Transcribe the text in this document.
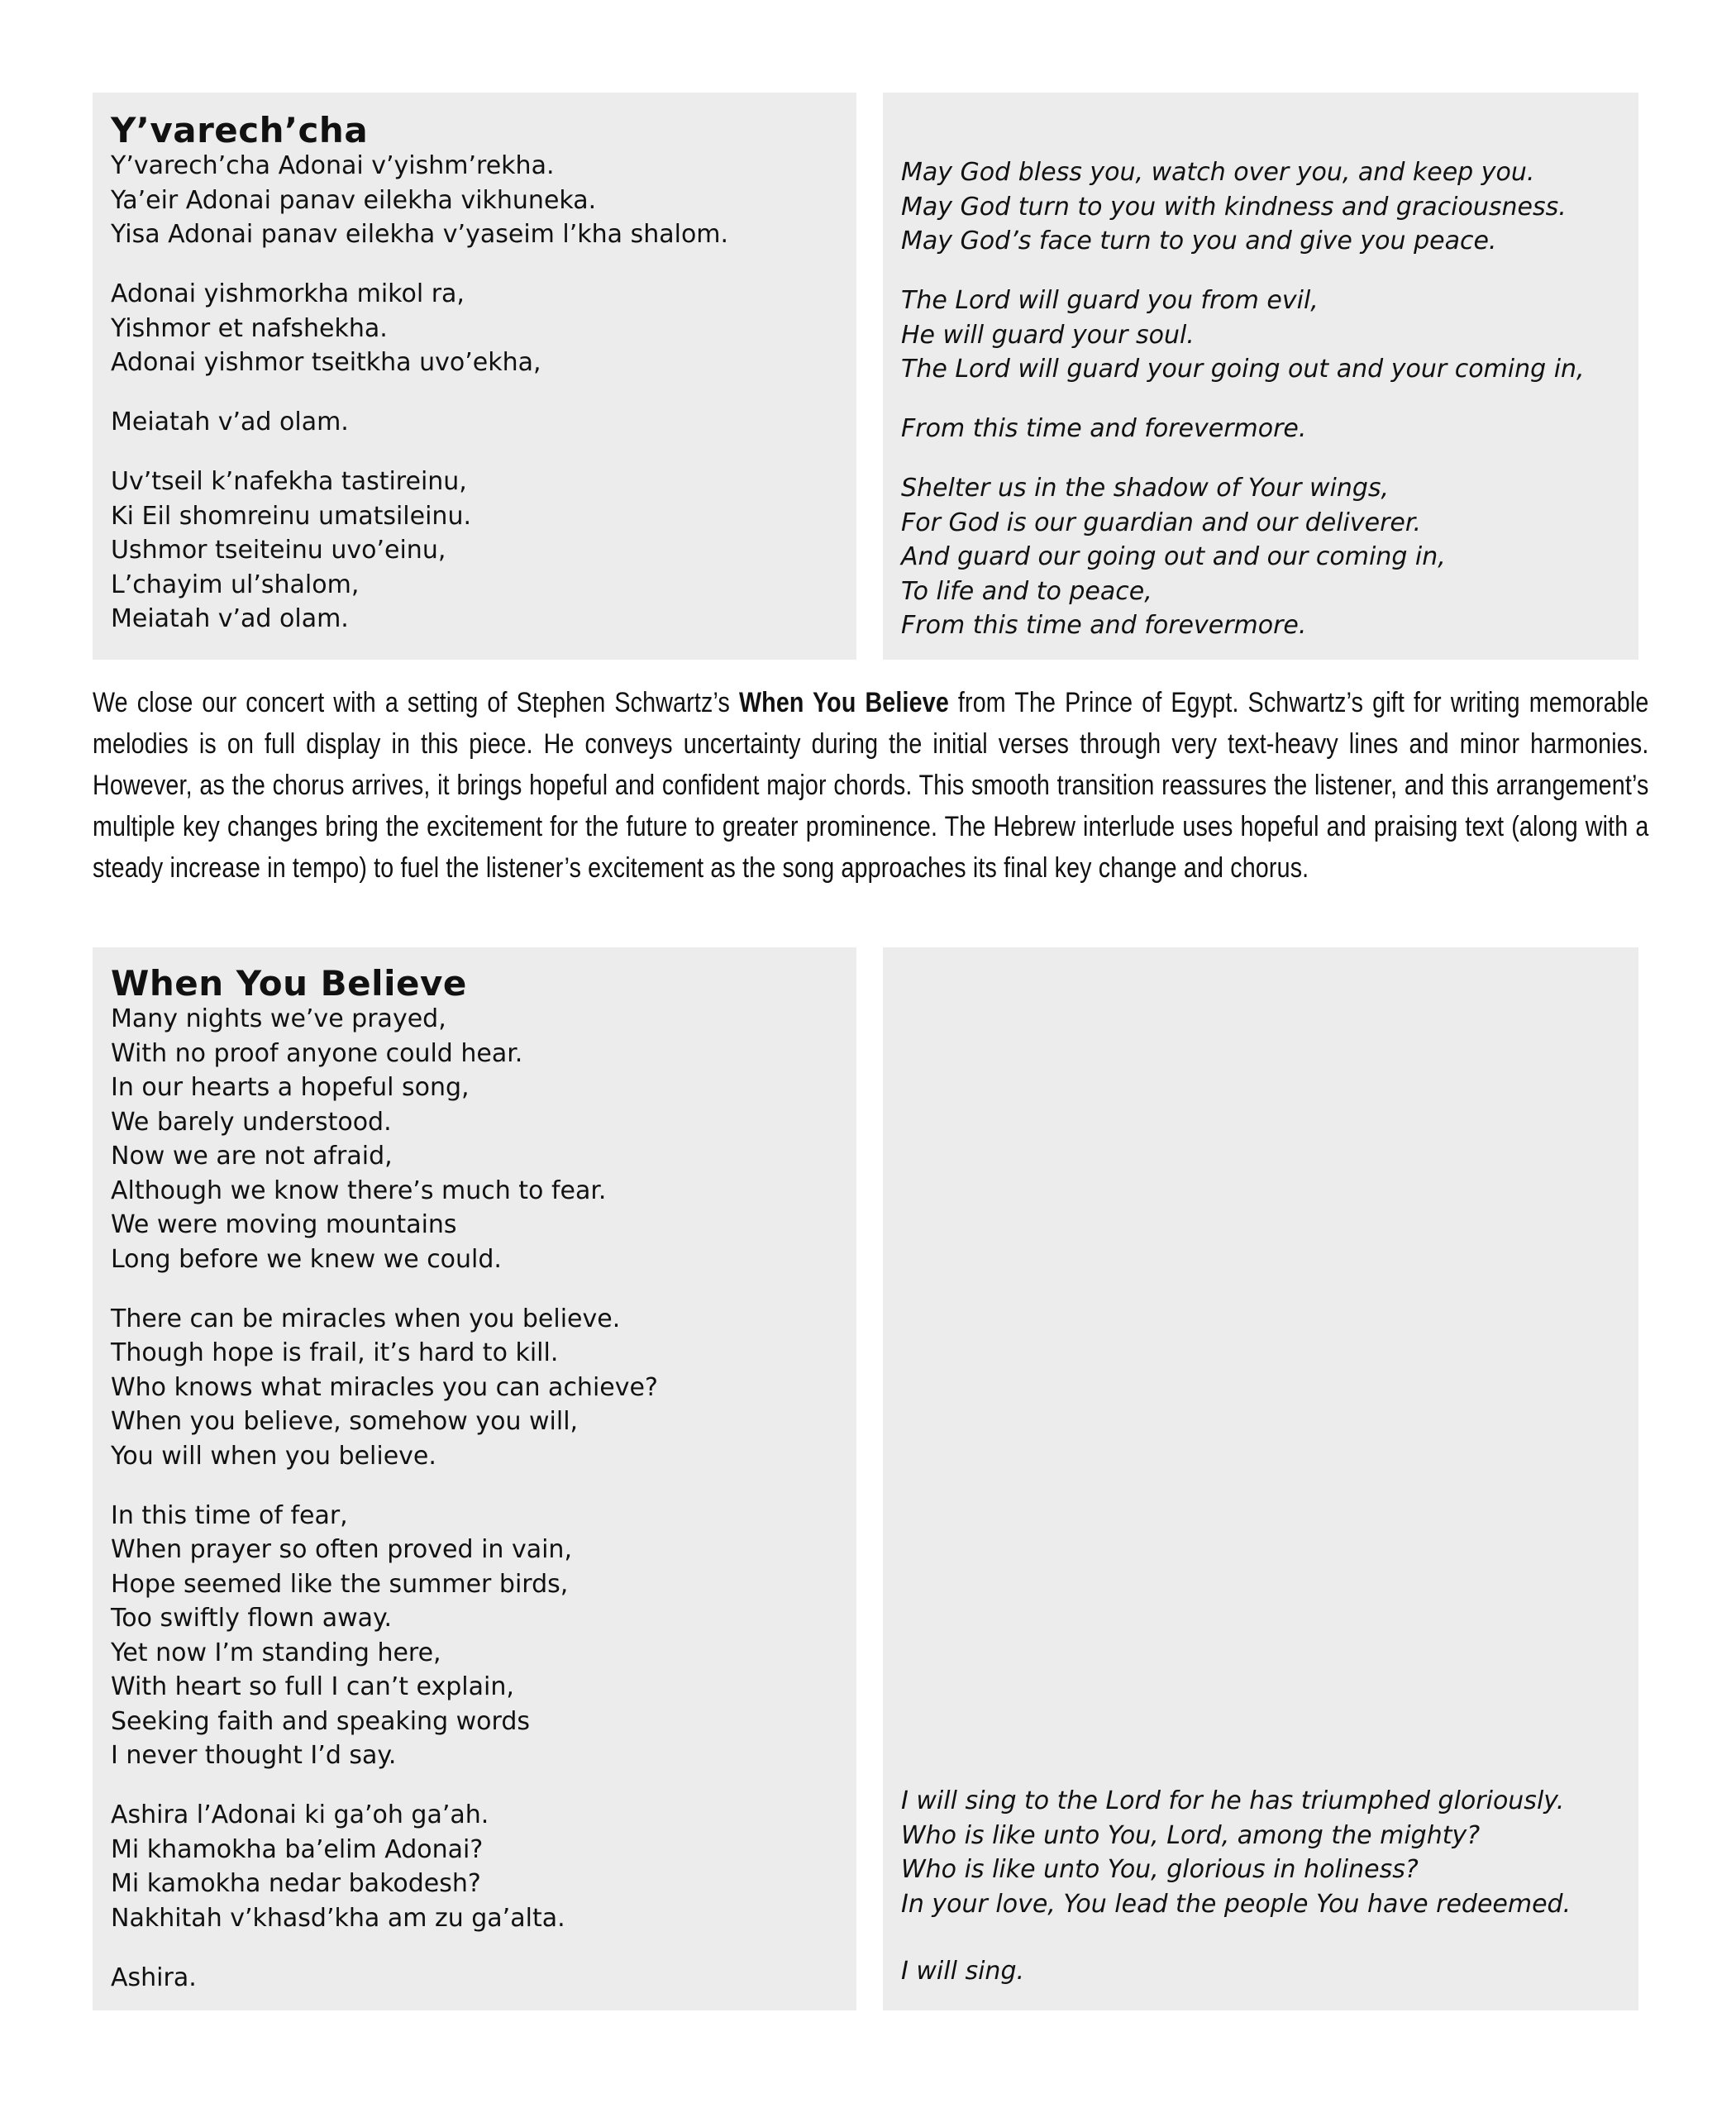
Y’varech’cha
Y’varech’cha Adonai v’yishm’rekha.
Ya’eir Adonai panav eilekha vikhuneka.
Yisa Adonai panav eilekha v’yaseim l’kha shalom.
Adonai yishmorkha mikol ra,
Yishmor et nafshekha.
Adonai yishmor tseitkha uvo’ekha,
Meiatah v’ad olam.
Uv’tseil k’nafekha tastireinu,
Ki Eil shomreinu umatsileinu.
Ushmor tseiteinu uvo’einu,
L’chayim ul’shalom,
Meiatah v’ad olam.
May God bless you, watch over you, and keep you.
May God turn to you with kindness and graciousness.
May God’s face turn to you and give you peace.
The Lord will guard you from evil,
He will guard your soul.
The Lord will guard your going out and your coming in,
From this time and forevermore.
Shelter us in the shadow of Your wings,
For God is our guardian and our deliverer.
And guard our going out and our coming in,
To life and to peace,
From this time and forevermore.
We close our concert with a setting of Stephen Schwartz’s When You Believe from The Prince of Egypt. Schwartz’s gift for writing memorable melodies is on full display in this piece. He conveys uncertainty during the initial verses through very text-heavy lines and minor harmonies. However, as the chorus arrives, it brings hopeful and confident major chords. This smooth transition reassures the listener, and this arrangement’s multiple key changes bring the excitement for the future to greater prominence. The Hebrew interlude uses hopeful and praising text (along with a steady increase in tempo) to fuel the listener’s excitement as the song approaches its final key change and chorus.
When You Believe
Many nights we’ve prayed,
With no proof anyone could hear.
In our hearts a hopeful song,
We barely understood.
Now we are not afraid,
Although we know there’s much to fear.
We were moving mountains
Long before we knew we could.
There can be miracles when you believe.
Though hope is frail, it’s hard to kill.
Who knows what miracles you can achieve?
When you believe, somehow you will,
You will when you believe.
In this time of fear,
When prayer so often proved in vain,
Hope seemed like the summer birds,
Too swiftly flown away.
Yet now I’m standing here,
With heart so full I can’t explain,
Seeking faith and speaking words
I never thought I’d say.
Ashira l’Adonai ki ga’oh ga’ah.
Mi khamokha ba’elim Adonai?
Mi kamokha nedar bakodesh?
Nakhitah v’khasd’kha am zu ga’alta.
Ashira.
I will sing to the Lord for he has triumphed gloriously.
Who is like unto You, Lord, among the mighty?
Who is like unto You, glorious in holiness?
In your love, You lead the people You have redeemed.
I will sing.
